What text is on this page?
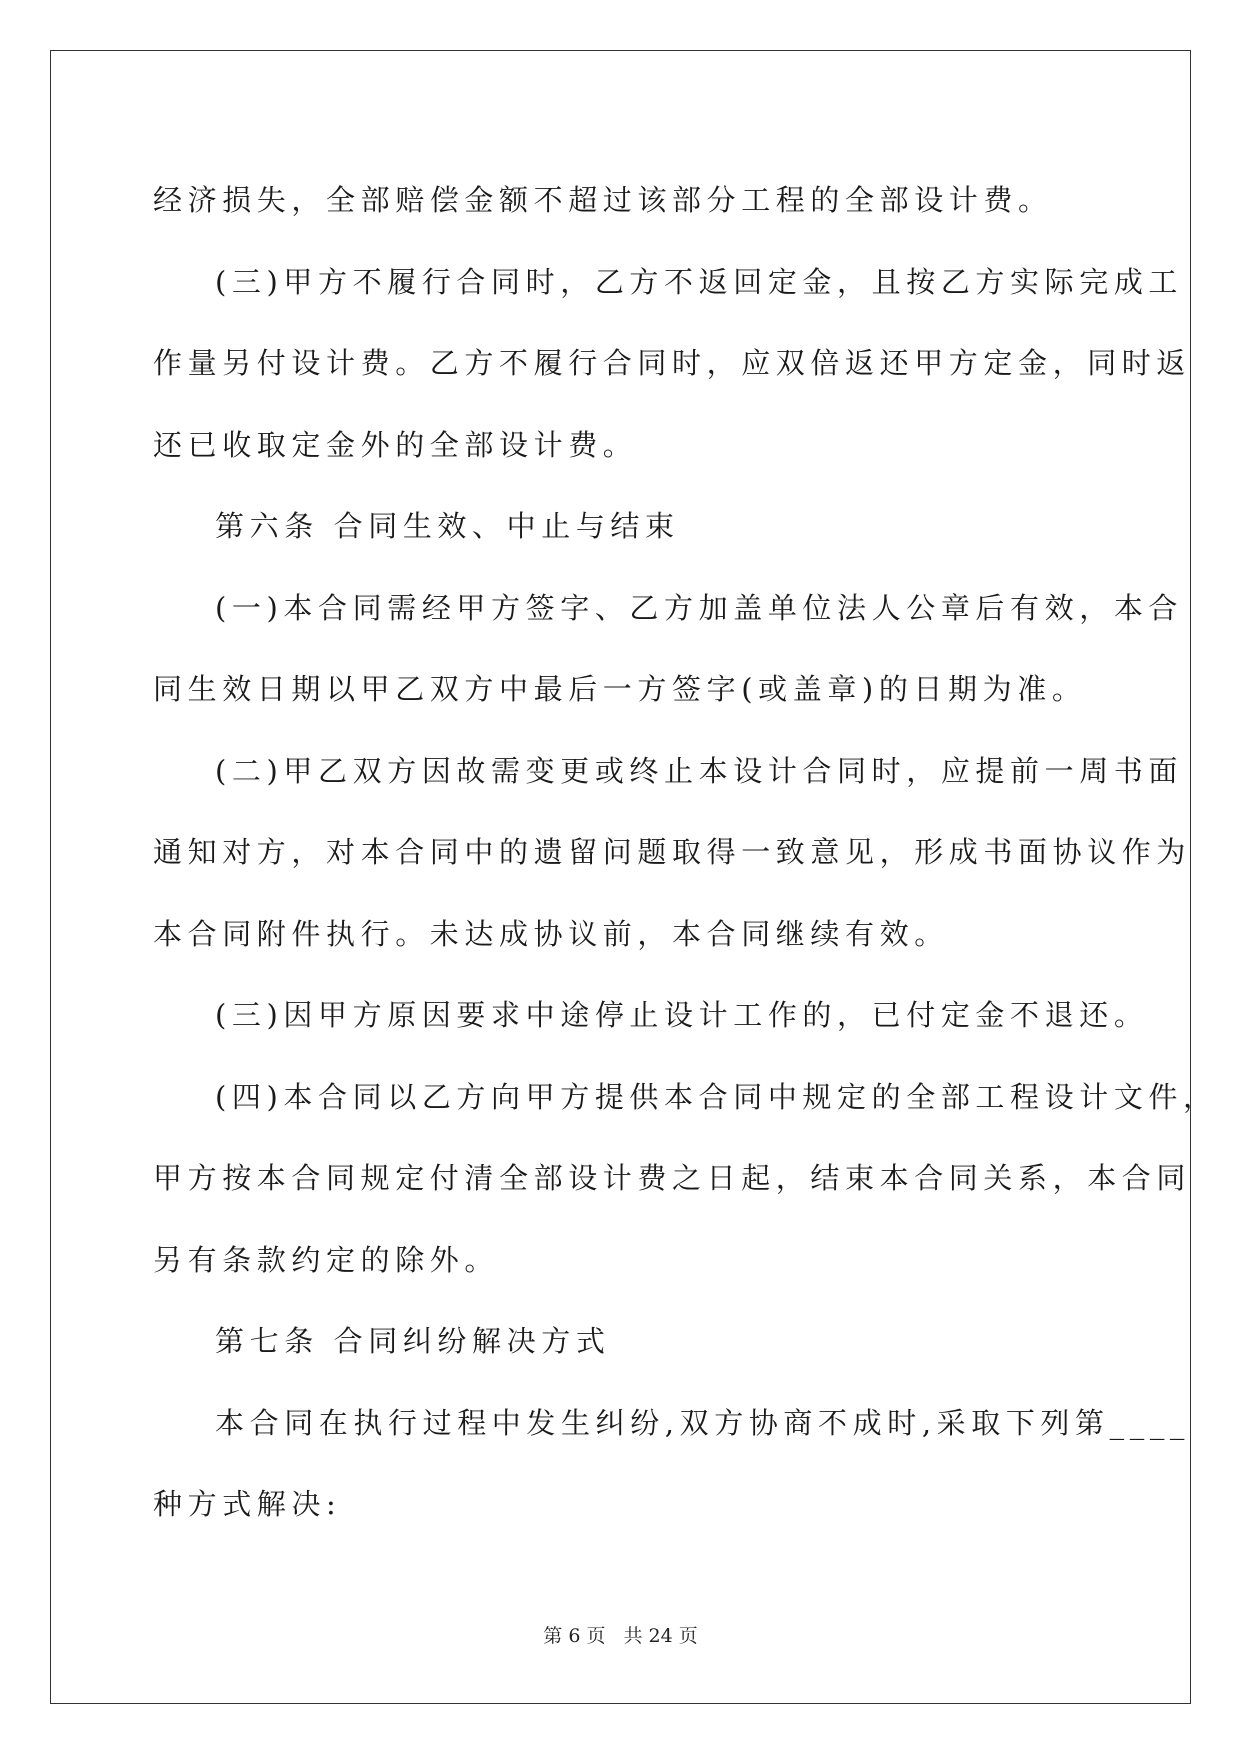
经济损失，全部赔偿金额不超过该部分工程的全部设计费。
(三)甲方不履行合同时，乙方不返回定金，且按乙方实际完成工
作量另付设计费。乙方不履行合同时，应双倍返还甲方定金，同时返
还已收取定金外的全部设计费。
第六条 合同生效、中止与结束
(一)本合同需经甲方签字、乙方加盖单位法人公章后有效，本合
同生效日期以甲乙双方中最后一方签字(或盖章)的日期为准。
(二)甲乙双方因故需变更或终止本设计合同时，应提前一周书面
通知对方，对本合同中的遗留问题取得一致意见，形成书面协议作为
本合同附件执行。未达成协议前，本合同继续有效。
(三)因甲方原因要求中途停止设计工作的，已付定金不退还。
(四)本合同以乙方向甲方提供本合同中规定的全部工程设计文件，
甲方按本合同规定付清全部设计费之日起，结束本合同关系，本合同
另有条款约定的除外。
第七条 合同纠纷解决方式
本合同在执行过程中发生纠纷,双方协商不成时,采取下列第____
种方式解决:
第 6 页 共 24 页
